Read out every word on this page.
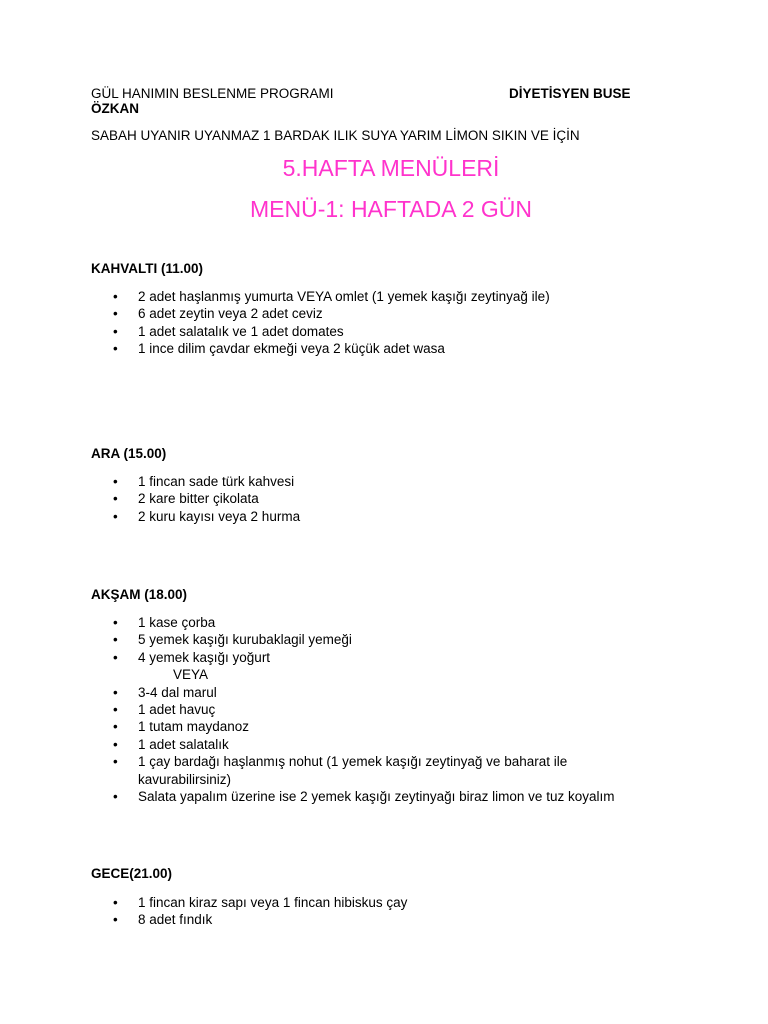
GÜL HANIMIN BESLENME PROGRAMI	DİYETİSYEN BUSE
ÖZKAN
SABAH UYANIR UYANMAZ 1 BARDAK ILIK SUYA YARIM LİMON SIKIN VE İÇİN
5.HAFTA MENÜLERİ
MENÜ-1: HAFTADA 2 GÜN
KAHVALTI (11.00)
• 2 adet haşlanmış yumurta VEYA omlet (1 yemek kaşığı zeytinyağ ile)
• 6 adet zeytin veya 2 adet ceviz
• 1 adet salatalık ve 1 adet domates
• 1 ince dilim çavdar ekmeği veya 2 küçük adet wasa
ARA (15.00)
• 1 fincan sade türk kahvesi
• 2 kare bitter çikolata
• 2 kuru kayısı veya 2 hurma
AKŞAM (18.00)
• 1 kase çorba
• 5 yemek kaşığı kurubaklagil yemeği
• 4 yemek kaşığı yoğurt
VEYA
• 3-4 dal marul
• 1 adet havuç
• 1 tutam maydanoz
• 1 adet salatalık
• 1 çay bardağı haşlanmış nohut (1 yemek kaşığı zeytinyağ ve baharat ile
kavurabilirsiniz)
• Salata yapalım üzerine ise 2 yemek kaşığı zeytinyağı biraz limon ve tuz koyalım
GECE(21.00)
• 1 fincan kiraz sapı veya 1 fincan hibiskus çay
• 8 adet fındık
